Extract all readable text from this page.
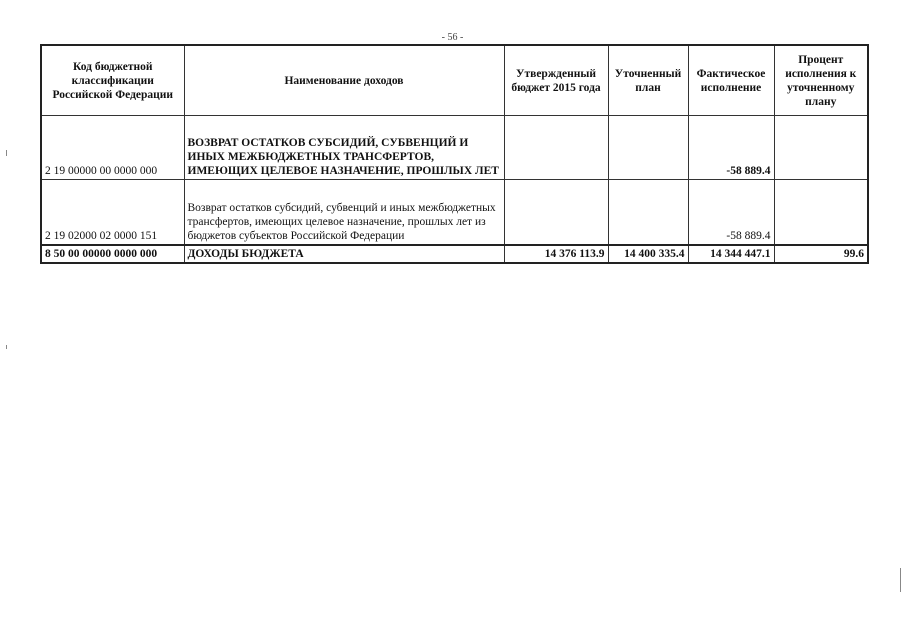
- 56 -
Код бюджетной классификации Российской Федерации	Наименование доходов	Утвержденный бюджет 2015 года	Уточненный план	Фактическое исполнение	Процент исполнения к уточненному плану
2 19 00000 00 0000 000	ВОЗВРАТ ОСТАТКОВ СУБСИДИЙ, СУБВЕНЦИЙ И ИНЫХ МЕЖБЮДЖЕТНЫХ ТРАНСФЕРТОВ, ИМЕЮЩИХ ЦЕЛЕВОЕ НАЗНАЧЕНИЕ, ПРОШЛЫХ ЛЕТ			-58 889.4	
2 19 02000 02 0000 151	Возврат остатков субсидий, субвенций и иных межбюджетных трансфертов, имеющих целевое назначение, прошлых лет из бюджетов субъектов Российской Федерации			-58 889.4	
8 50 00 00000 0000 000	ДОХОДЫ БЮДЖЕТА	14 376 113.9	14 400 335.4	14 344 447.1	99.6
